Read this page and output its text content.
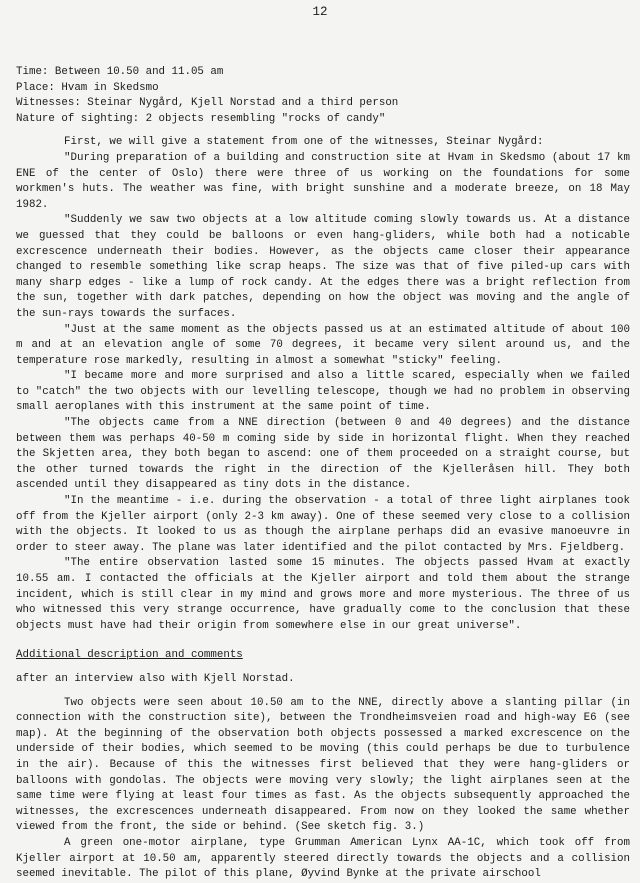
12

Time: Between 10.50 and 11.05 am

Place: Hvam in Skedsmo

Witnesses: Steinar Nygård, Kjell Norstad and a third person

Nature of sighting: 2 objects resembling "rocks of candy"

First, we will give a statement from one of the witnesses, Steinar Nygård:

"During preparation of a building and construction site at Hvam in Skedsmo (about 17 km ENE of the center of Oslo) there were three of us working on the foundations for some workmen's huts. The weather was fine, with bright sunshine and a moderate breeze, on 18 May 1982.

"Suddenly we saw two objects at a low altitude coming slowly towards us. At a distance we guessed that they could be balloons or even hang-gliders, while both had a noticable excrescence underneath their bodies. However, as the objects came closer their appearance changed to resemble something like scrap heaps. The size was that of five piled-up cars with many sharp edges - like a lump of rock candy. At the edges there was a bright reflection from the sun, together with dark patches, depending on how the object was moving and the angle of the sun-rays towards the surfaces.

"Just at the same moment as the objects passed us at an estimated altitude of about 100 m and at an elevation angle of some 70 degrees, it became very silent around us, and the temperature rose markedly, resulting in almost a somewhat "sticky" feeling.

"I became more and more surprised and also a little scared, especially when we failed to "catch" the two objects with our levelling telescope, though we had no problem in observing small aeroplanes with this instrument at the same point of time.

"The objects came from a NNE direction (between 0 and 40 degrees) and the distance between them was perhaps 40-50 m coming side by side in horizontal flight. When they reached the Skjetten area, they both began to ascend: one of them proceeded on a straight course, but the other turned towards the right in the direction of the Kjelleråsen hill. They both ascended until they disappeared as tiny dots in the distance.

"In the meantime - i.e. during the observation - a total of three light airplanes took off from the Kjeller airport (only 2-3 km away). One of these seemed very close to a collision with the objects. It looked to us as though the airplane perhaps did an evasive manoeuvre in order to steer away. The plane was later identified and the pilot contacted by Mrs. Fjeldberg.

"The entire observation lasted some 15 minutes. The objects passed Hvam at exactly 10.55 am. I contacted the officials at the Kjeller airport and told them about the strange incident, which is still clear in my mind and grows more and more mysterious. The three of us who witnessed this very strange occurrence, have gradually come to the conclusion that these objects must have had their origin from somewhere else in our great universe".

Additional description and comments

after an interview also with Kjell Norstad.

Two objects were seen about 10.50 am to the NNE, directly above a slanting pillar (in connection with the construction site), between the Trondheimsveien road and high-way E6 (see map). At the beginning of the observation both objects possessed a marked excrescence on the underside of their bodies, which seemed to be moving (this could perhaps be due to turbulence in the air). Because of this the witnesses first believed that they were hang-gliders or balloons with gondolas. The objects were moving very slowly; the light airplanes seen at the same time were flying at least four times as fast. As the objects subsequently approached the witnesses, the excrescences underneath disappeared. From now on they looked the same whether viewed from the front, the side or behind. (See sketch fig. 3.)

A green one-motor airplane, type Grumman American Lynx AA-1C, which took off from Kjeller airport at 10.50 am, apparently steered directly towards the objects and a collision seemed inevitable. The pilot of this plane, Øyvind Bynke at the private airschool
